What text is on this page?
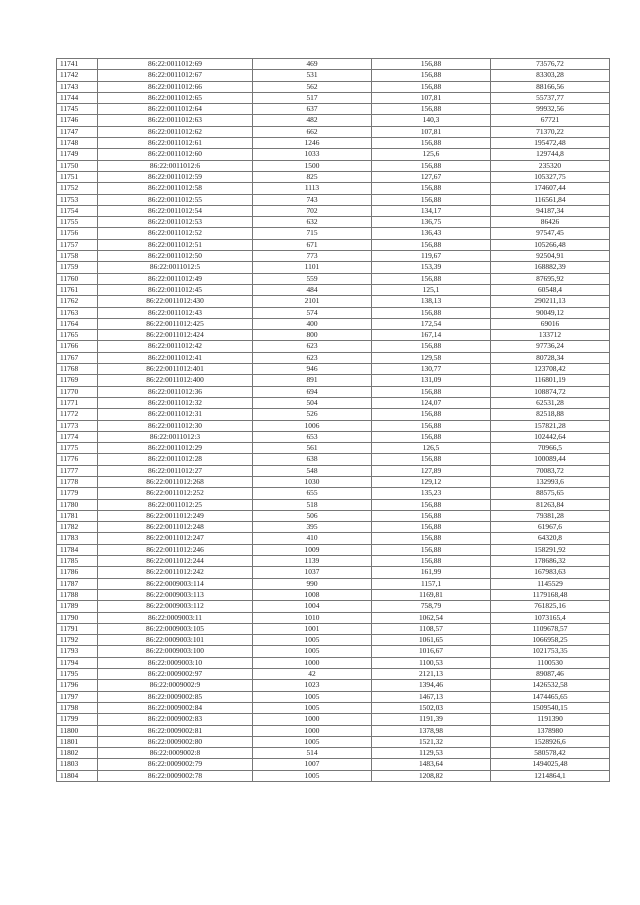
11741	86:22:0011012:69	469	156,88	73576,72
11742	86:22:0011012:67	531	156,88	83303,28
11743	86:22:0011012:66	562	156,88	88166,56
11744	86:22:0011012:65	517	107,81	55737,77
11745	86:22:0011012:64	637	156,88	99932,56
11746	86:22:0011012:63	482	140,3	67721
11747	86:22:0011012:62	662	107,81	71370,22
11748	86:22:0011012:61	1246	156,88	195472,48
11749	86:22:0011012:60	1033	125,6	129744,8
11750	86:22:0011012:6	1500	156,88	235320
11751	86:22:0011012:59	825	127,67	105327,75
11752	86:22:0011012:58	1113	156,88	174607,44
11753	86:22:0011012:55	743	156,88	116561,84
11754	86:22:0011012:54	702	134,17	94187,34
11755	86:22:0011012:53	632	136,75	86426
11756	86:22:0011012:52	715	136,43	97547,45
11757	86:22:0011012:51	671	156,88	105266,48
11758	86:22:0011012:50	773	119,67	92504,91
11759	86:22:0011012:5	1101	153,39	168882,39
11760	86:22:0011012:49	559	156,88	87695,92
11761	86:22:0011012:45	484	125,1	60548,4
11762	86:22:0011012:430	2101	138,13	290211,13
11763	86:22:0011012:43	574	156,88	90049,12
11764	86:22:0011012:425	400	172,54	69016
11765	86:22:0011012:424	800	167,14	133712
11766	86:22:0011012:42	623	156,88	97736,24
11767	86:22:0011012:41	623	129,58	80728,34
11768	86:22:0011012:401	946	130,77	123708,42
11769	86:22:0011012:400	891	131,09	116801,19
11770	86:22:0011012:36	694	156,88	108874,72
11771	86:22:0011012:32	504	124,07	62531,28
11772	86:22:0011012:31	526	156,88	82518,88
11773	86:22:0011012:30	1006	156,88	157821,28
11774	86:22:0011012:3	653	156,88	102442,64
11775	86:22:0011012:29	561	126,5	70966,5
11776	86:22:0011012:28	638	156,88	100089,44
11777	86:22:0011012:27	548	127,89	70083,72
11778	86:22:0011012:268	1030	129,12	132993,6
11779	86:22:0011012:252	655	135,23	88575,65
11780	86:22:0011012:25	518	156,88	81263,84
11781	86:22:0011012:249	506	156,88	79381,28
11782	86:22:0011012:248	395	156,88	61967,6
11783	86:22:0011012:247	410	156,88	64320,8
11784	86:22:0011012:246	1009	156,88	158291,92
11785	86:22:0011012:244	1139	156,88	178686,32
11786	86:22:0011012:242	1037	161,99	167983,63
11787	86:22:0009003:114	990	1157,1	1145529
11788	86:22:0009003:113	1008	1169,81	1179168,48
11789	86:22:0009003:112	1004	758,79	761825,16
11790	86:22:0009003:11	1010	1062,54	1073165,4
11791	86:22:0009003:105	1001	1108,57	1109678,57
11792	86:22:0009003:101	1005	1061,65	1066958,25
11793	86:22:0009003:100	1005	1016,67	1021753,35
11794	86:22:0009003:10	1000	1100,53	1100530
11795	86:22:0009002:97	42	2121,13	89087,46
11796	86:22:0009002:9	1023	1394,46	1426532,58
11797	86:22:0009002:85	1005	1467,13	1474465,65
11798	86:22:0009002:84	1005	1502,03	1509540,15
11799	86:22:0009002:83	1000	1191,39	1191390
11800	86:22:0009002:81	1000	1378,98	1378980
11801	86:22:0009002:80	1005	1521,32	1528926,6
11802	86:22:0009002:8	514	1129,53	580578,42
11803	86:22:0009002:79	1007	1483,64	1494025,48
11804	86:22:0009002:78	1005	1208,82	1214864,1
